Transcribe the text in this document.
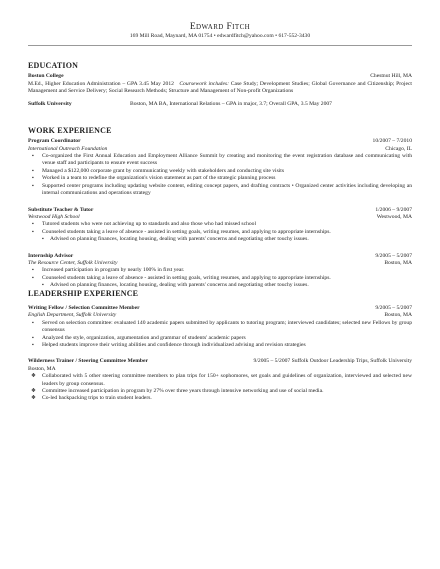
Edward Fitch
169 Mill Road, Maynard, MA 01754 • edwardfitch@yahoo.com • 617-552-3430
EDUCATION
Boston College	Chestnut Hill, MA
M.Ed., Higher Education Administration – GPA 3.45 May 2012 Coursework includes: Case Study; Development Studies; Global Governance and Citizenship; Project Management and Service Delivery; Social Research Methods; Structure and Management of Non-profit Organizations
Suffolk University	Boston, MA BA, International Relations – GPA in major, 3.7; Overall GPA, 3.5 May 2007
WORK EXPERIENCE
Program Coordinator	10/2007 – 7/2010
International Outreach Foundation	Chicago, IL
▪ Co-organized the First Annual Education and Employment Alliance Summit by creating and monitoring the event registration database and communicating with venue staff and participants to ensure event success
▪ Managed a $122,000 corporate grant by communicating weekly with stakeholders and conducting site visits
▪ Worked in a team to redefine the organization's vision statement as part of the strategic planning process
▪ Supported center programs including updating website content, editing concept papers, and drafting contracts • Organized center activities including developing an internal communications and operations strategy
Substitute Teacher & Tutor	1/2006 – 9/2007
Westwood High School	Westwood, MA
▪ Tutored students who were not achieving up to standards and also those who had missed school
▪ Counseled students taking a leave of absence - assisted in setting goals, writing resumes, and applying to appropriate internships.
▪ Advised on planning finances, locating housing, dealing with parents' concerns and negotiating other touchy issues.
Internship Advisor	9/2005 – 5/2007
The Resource Center, Suffolk University	Boston, MA
▪ Increased participation in program by nearly 100% in first year.
▪ Counseled students taking a leave of absence - assisted in setting goals, writing resumes, and applying to appropriate internships.
▪ Advised on planning finances, locating housing, dealing with parents' concerns and negotiating other touchy issues.
LEADERSHIP EXPERIENCE
Writing Fellow / Selection Committee Member	9/2005 – 5/2007
English Department, Suffolk University	Boston, MA
▪ Served on selection committee: evaluated 140 academic papers submitted by applicants to tutoring program; interviewed candidates; selected new Fellows by group consensus
▪ Analyzed the style, organization, argumentation and grammar of students' academic papers
▪ Helped students improve their writing abilities and confidence through individualized advising and revision strategies
Wilderness Trainer / Steering Committee Member	9/2005 – 5/2007 Suffolk Outdoor Leadership Trips, Suffolk University
Boston, MA
❖ Collaborated with 5 other steering committee members to plan trips for 150+ sophomores, set goals and guidelines of organization, interviewed and selected new leaders by group consensus.
❖ Committee increased participation in program by 27% over three years through intensive networking and use of social media.
❖ Co-led backpacking trips to train student leaders.
